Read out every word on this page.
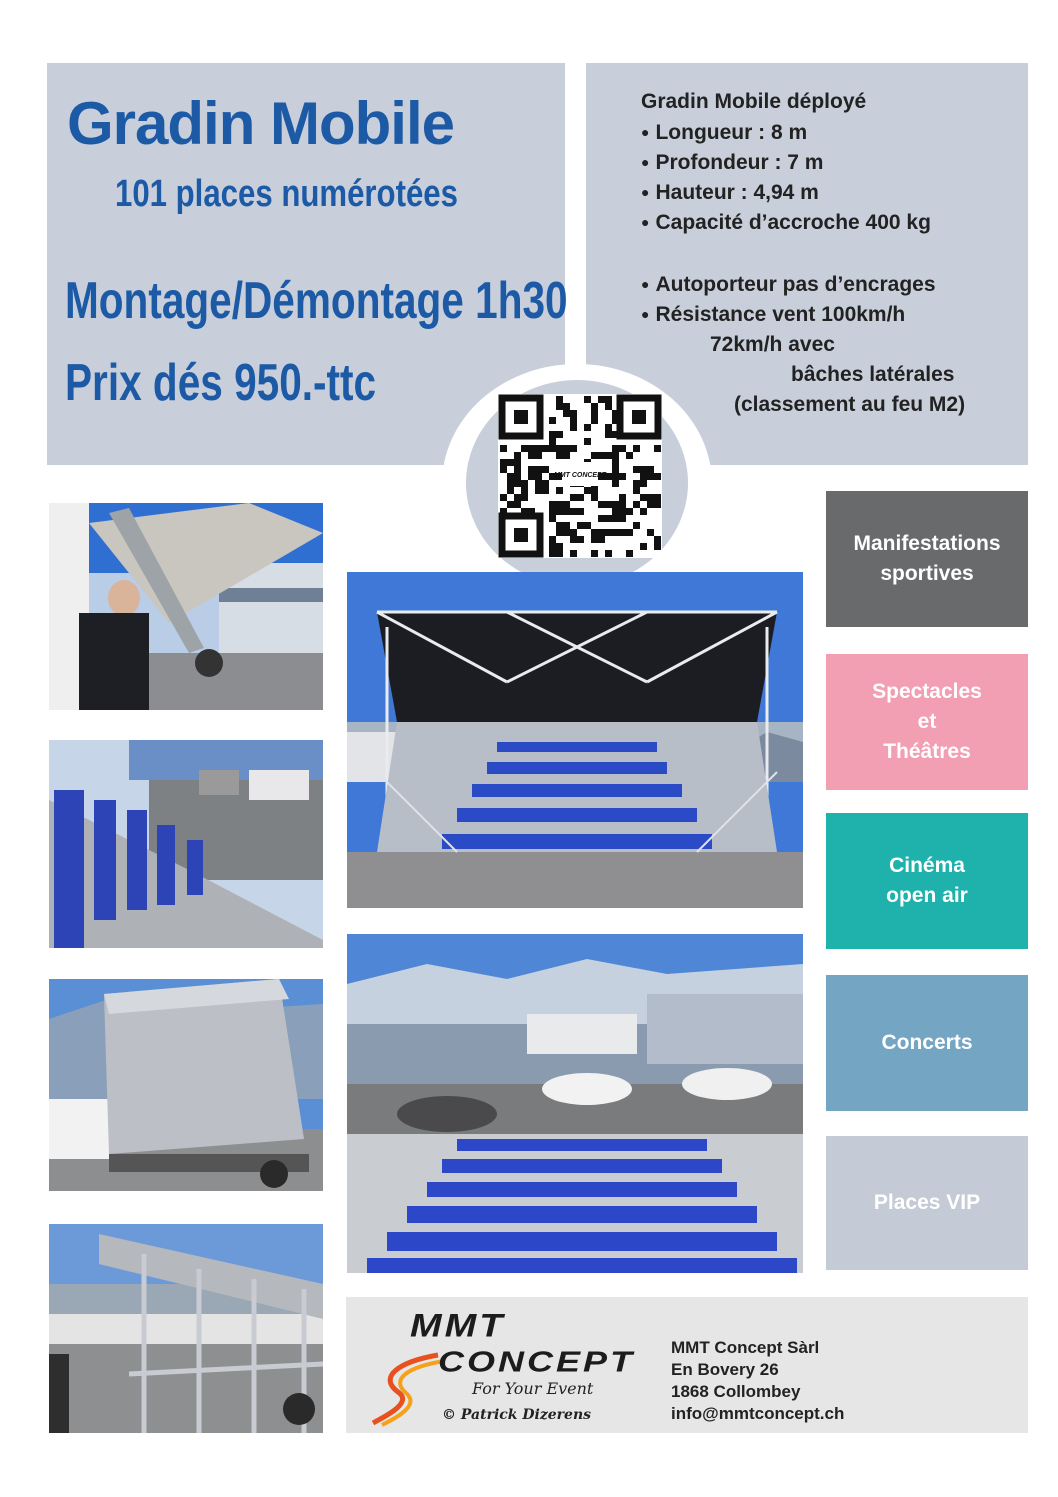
Gradin Mobile
101 places numérotées
Montage/Démontage 1h30
Prix dés 950.-ttc
Gradin Mobile déployé
● Longueur : 8 m
● Profondeur : 7 m
● Hauteur : 4,94 m
● Capacité d’accroche 400 kg
● Autoporteur pas d’encrages
● Résistance vent 100km/h
72km/h avec
bâches latérales
(classement au feu M2)
MMT CONCEPT
Manifestations
sportives
Spectacles
et
Théâtres
Cinéma
open air
Concerts
Places VIP
MMT
CONCEPT
For Your Event
© Patrick Dizerens
MMT Concept Sàrl
En Bovery 26
1868 Collombey
info@mmtconcept.ch
